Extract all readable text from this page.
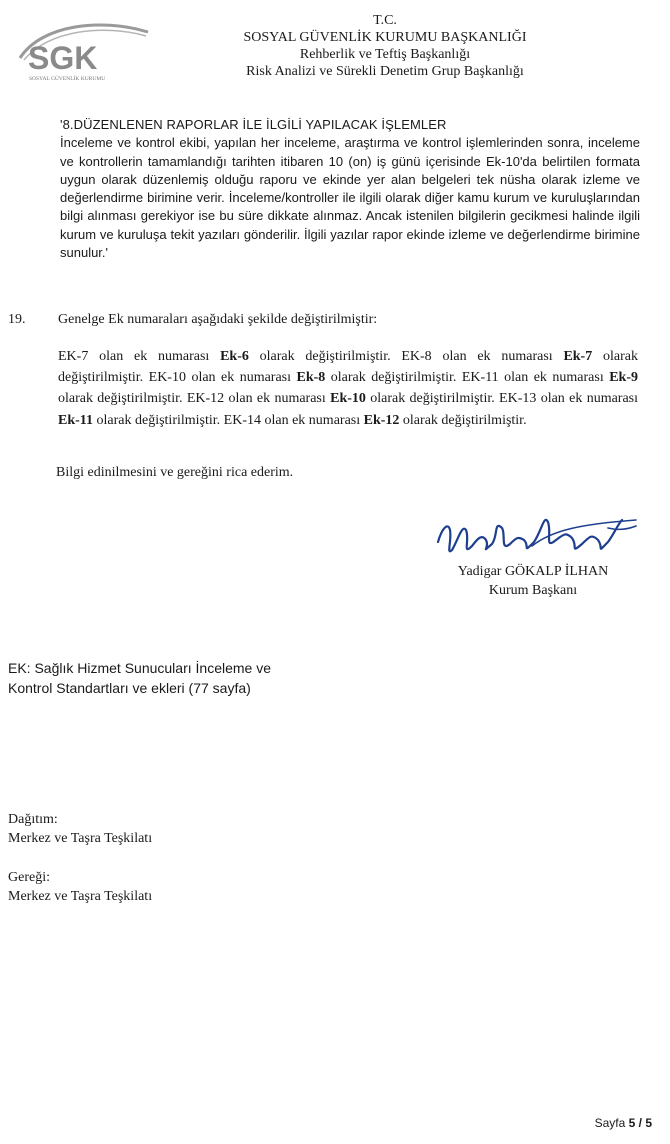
SGK
SOSYAL GÜVENLİK KURUMU
T.C.
SOSYAL GÜVENLİK KURUMU BAŞKANLIĞI
Rehberlik ve Teftiş Başkanlığı
Risk Analizi ve Sürekli Denetim Grup Başkanlığı
'8.DÜZENLENEN RAPORLAR İLE İLGİLİ YAPILACAK İŞLEMLER
İnceleme ve kontrol ekibi, yapılan her inceleme, araştırma ve kontrol işlemlerinden sonra, inceleme ve kontrollerin tamamlandığı tarihten itibaren 10 (on) iş günü içerisinde Ek-10'da belirtilen formata uygun olarak düzenlemiş olduğu raporu ve ekinde yer alan belgeleri tek nüsha olarak izleme ve değerlendirme birimine verir. İnceleme/kontroller ile ilgili olarak diğer kamu kurum ve kuruluşlarından bilgi alınması gerekiyor ise bu süre dikkate alınmaz. Ancak istenilen bilgilerin gecikmesi halinde ilgili kurum ve kuruluşa tekit yazıları gönderilir. İlgili yazılar rapor ekinde izleme ve değerlendirme birimine sunulur.'
19. Genelge Ek numaraları aşağıdaki şekilde değiştirilmiştir:
EK-7 olan ek numarası Ek-6 olarak değiştirilmiştir. EK-8 olan ek numarası Ek-7 olarak değiştirilmiştir. EK-10 olan ek numarası Ek-8 olarak değiştirilmiştir. EK-11 olan ek numarası Ek-9 olarak değiştirilmiştir. EK-12 olan ek numarası Ek-10 olarak değiştirilmiştir. EK-13 olan ek numarası Ek-11 olarak değiştirilmiştir. EK-14 olan ek numarası Ek-12 olarak değiştirilmiştir.
Bilgi edinilmesini ve gereğini rica ederim.
Yadigar GÖKALP İLHAN
Kurum Başkanı
EK: Sağlık Hizmet Sunucuları İnceleme ve
Kontrol Standartları ve ekleri (77 sayfa)
Dağıtım:
Merkez ve Taşra Teşkilatı
Gereği:
Merkez ve Taşra Teşkilatı
Sayfa 5 / 5
